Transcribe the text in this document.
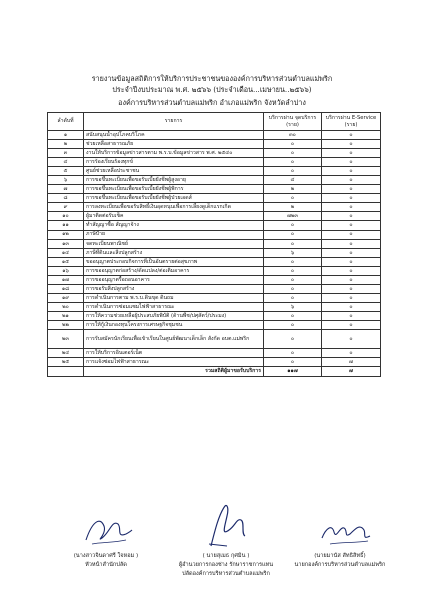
รายงานข้อมูลสถิติการให้บริการประชาชนขององค์การบริหารส่วนตำบลแม่พริก
ประจำปีงบประมาณ พ.ศ. ๒๕๖๖ (ประจำเดือน...เมษายน..๒๕๖๖)
องค์การบริหารส่วนตำบลแม่พริก อำเภอแม่พริก จังหวัดลำปาง
ลำดับที่	รายการ	บริการผ่าน จุดบริการ (ราย)	บริการผ่าน E-Service (ราย)
๑	สนับสนุนน้ำอุปโภคบริโภค	๓๐	๐
๒	ช่วยเหลือสาธารณภัย	๐	๐
๓	งานให้บริการข้อมูลข่าวสารตาม พ.ร.บ.ข้อมูลข่าวสาร พ.ศ. ๒๕๔๐	๐	๐
๔	การร้องเรียนร้องทุกข์	๐	๐
๕	ศูนย์ช่วยเหลือประชาชน	๐	๐
๖	การขอขึ้นทะเบียนเพื่อขอรับเบี้ยยังชีพผู้สูงอายุ	๔	๐
๗	การขอขึ้นทะเบียนเพื่อขอรับเบี้ยยังชีพผู้พิการ	๒	๐
๘	การขอขึ้นทะเบียนเพื่อขอรับเบี้ยยังชีพผู้ป่วยเอดส์	๐	๐
๙	การลงทะเบียนเพื่อขอรับสิทธิ์เงินอุดหนุนเพื่อการเลี้ยงดูเด็กแรกเกิด	๒	๐
๑๐	ผู้มาติดต่อรับเช็ค	๗๒๓	๐
๑๑	ทำสัญญาซื้อ สัญญาจ้าง	๐	๐
๑๒	ภาษีป้าย	๐	๐
๑๓	จดทะเบียนพาณิชย์	๐	๐
๑๔	ภาษีที่ดินและสิ่งปลูกสร้าง	๖	๐
๑๕	ขออนุญาตประกอบกิจการที่เป็นอันตรายต่อสุขภาพ	๐	๐
๑๖	การขออนุญาตก่อสร้าง/ดัดแปลง/ต่อเติมอาคาร	๐	๐
๑๗	การขออนุญาตรื้อถอนอาคาร	๐	๐
๑๘	การขอรับสิ่งปลูกสร้าง	๐	๐
๑๙	การดำเนินการตาม พ.ร.บ.ดินขุด ดินถม	๐	๐
๒๐	การดำเนินการซ่อมแซมไฟฟ้าสาธารณะ	๖	๐
๒๑	การให้ความช่วยเหลือผู้ประสบภัยพิบัติ (ด้านพืช/ปศุสัตว์/ประมง)	๐	๐
๒๒	การให้กู้เงินกองทุนโครงการเศรษฐกิจชุมชน	๐	๐
๒๓	การรับสมัครนักเรียนเพื่อเข้าเรียนในศูนย์พัฒนาเด็กเล็ก สังกัด อบต.แม่พริก	๐	๐
๒๔	การให้บริการอินเตอร์เน็ต	๐	๐
๒๕	การแจ้งซ่อมไฟฟ้าสาธารณะ	๐	๗
	รวมสถิติผู้มาขอรับบริการ	๑๑๗	๗
(นางสาวจินดาศรี ใจหอม )
หัวหน้าสำนักปลัด
( นายสุเมธ กุศมิน )
ผู้อำนวยการกองช่าง รักษาราชการแทน
ปลัดองค์การบริหารส่วนตำบลแม่พริก
(นายมานัส สัทธิสิทธิ์)
นายกองค์การบริหารส่วนตำบลแม่พริก
